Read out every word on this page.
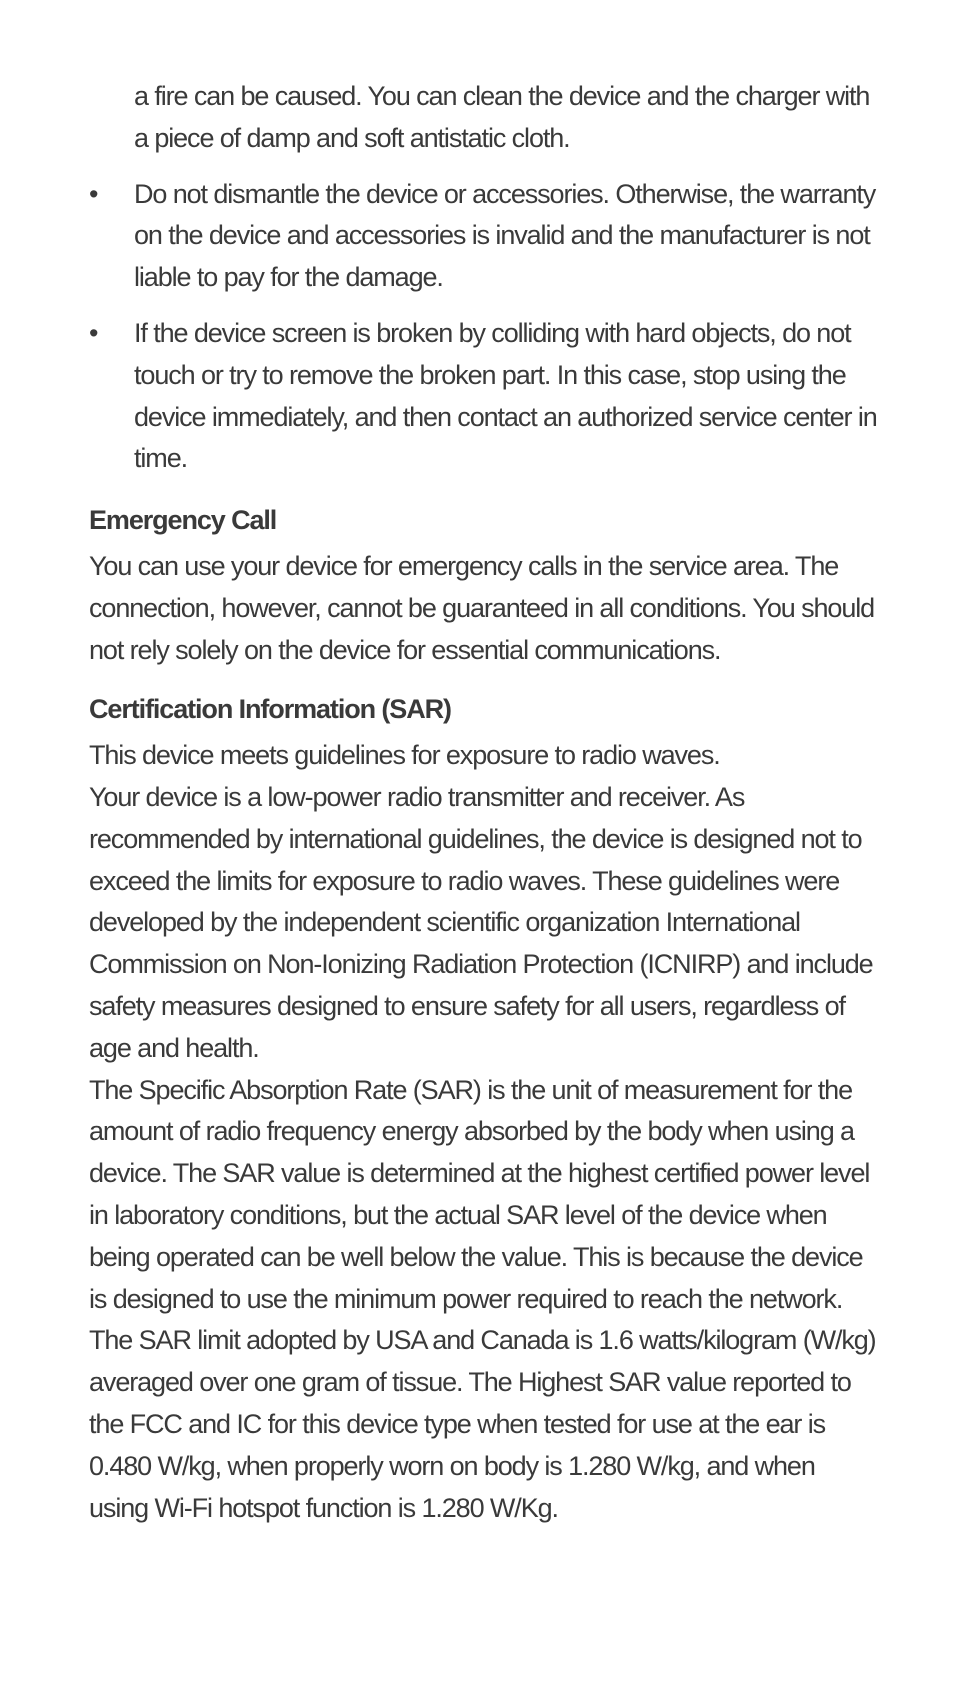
a fire can be caused. You can clean the device and the charger with a piece of damp and soft antistatic cloth.

•	Do not dismantle the device or accessories. Otherwise, the warranty on the device and accessories is invalid and the manufacturer is not liable to pay for the damage.

•	If the device screen is broken by colliding with hard objects, do not touch or try to remove the broken part. In this case, stop using the device immediately, and then contact an authorized service center in time.

Emergency Call

You can use your device for emergency calls in the service area. The connection, however, cannot be guaranteed in all conditions. You should not rely solely on the device for essential communications.

Certification Information (SAR)

This device meets guidelines for exposure to radio waves.

Your device is a low-power radio transmitter and receiver. As recommended by international guidelines, the device is designed not to exceed the limits for exposure to radio waves. These guidelines were developed by the independent scientific organization International Commission on Non-Ionizing Radiation Protection (ICNIRP) and include safety measures designed to ensure safety for all users, regardless of age and health.

The Specific Absorption Rate (SAR) is the unit of measurement for the amount of radio frequency energy absorbed by the body when using a device. The SAR value is determined at the highest certified power level in laboratory conditions, but the actual SAR level of the device when being operated can be well below the value. This is because the device is designed to use the minimum power required to reach the network.

The SAR limit adopted by USA and Canada is 1.6 watts/kilogram (W/kg) averaged over one gram of tissue. The Highest SAR value reported to the FCC and IC for this device type when tested for use at the ear is 0.480 W/kg, when properly worn on body is 1.280 W/kg, and when using Wi-Fi hotspot function is 1.280 W/Kg.
